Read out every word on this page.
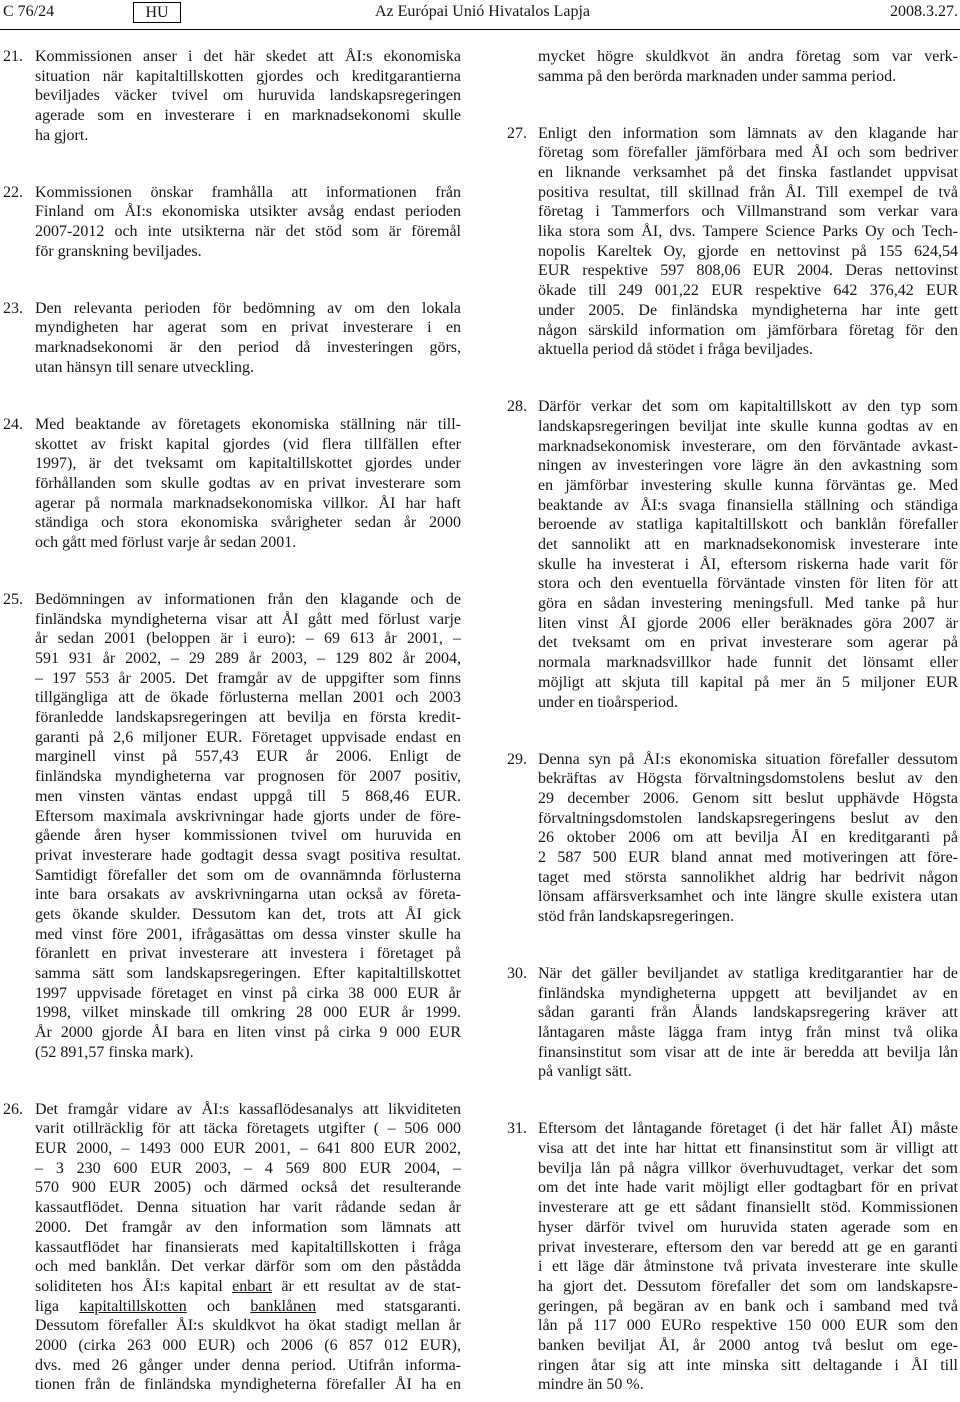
C 76/24	HU	Az Európai Unió Hivatalos Lapja	2008.3.27.
21. Kommissionen anser i det här skedet att ÅI:s ekonomiska
situation när kapitaltillskotten gjordes och kreditgarantierna
beviljades väcker tvivel om huruvida landskapsregeringen
agerade som en investerare i en marknadsekonomi skulle
ha gjort.
22. Kommissionen önskar framhålla att informationen från
Finland om ÅI:s ekonomiska utsikter avsåg endast perioden
2007-2012 och inte utsikterna när det stöd som är föremål
för granskning beviljades.
23. Den relevanta perioden för bedömning av om den lokala
myndigheten har agerat som en privat investerare i en
marknadsekonomi är den period då investeringen görs,
utan hänsyn till senare utveckling.
24. Med beaktande av företagets ekonomiska ställning när till-
skottet av friskt kapital gjordes (vid flera tillfällen efter
1997), är det tveksamt om kapitaltillskottet gjordes under
förhållanden som skulle godtas av en privat investerare som
agerar på normala marknadsekonomiska villkor. ÅI har haft
ständiga och stora ekonomiska svårigheter sedan år 2000
och gått med förlust varje år sedan 2001.
25. Bedömningen av informationen från den klagande och de
finländska myndigheterna visar att ÅI gått med förlust varje
år sedan 2001 (beloppen är i euro): – 69 613 år 2001, –
591 931 år 2002, – 29 289 år 2003, – 129 802 år 2004,
– 197 553 år 2005. Det framgår av de uppgifter som finns
tillgängliga att de ökade förlusterna mellan 2001 och 2003
föranledde landskapsregeringen att bevilja en första kredit-
garanti på 2,6 miljoner EUR. Företaget uppvisade endast en
marginell vinst på 557,43 EUR år 2006. Enligt de
finländska myndigheterna var prognosen för 2007 positiv,
men vinsten väntas endast uppgå till 5 868,46 EUR.
Eftersom maximala avskrivningar hade gjorts under de före-
gående åren hyser kommissionen tvivel om huruvida en
privat investerare hade godtagit dessa svagt positiva resultat.
Samtidigt förefaller det som om de ovannämnda förlusterna
inte bara orsakats av avskrivningarna utan också av företa-
gets ökande skulder. Dessutom kan det, trots att ÅI gick
med vinst före 2001, ifrågasättas om dessa vinster skulle ha
föranlett en privat investerare att investera i företaget på
samma sätt som landskapsregeringen. Efter kapitaltillskottet
1997 uppvisade företaget en vinst på cirka 38 000 EUR år
1998, vilket minskade till omkring 28 000 EUR år 1999.
År 2000 gjorde ÅI bara en liten vinst på cirka 9 000 EUR
(52 891,57 finska mark).
26. Det framgår vidare av ÅI:s kassaflödesanalys att likviditeten
varit otillräcklig för att täcka företagets utgifter ( – 506 000
EUR 2000, – 1493 000 EUR 2001, – 641 800 EUR 2002,
– 3 230 600 EUR 2003, – 4 569 800 EUR 2004, –
570 900 EUR 2005) och därmed också det resulterande
kassautflödet. Denna situation har varit rådande sedan år
2000. Det framgår av den information som lämnats att
kassautflödet har finansierats med kapitaltillskotten i fråga
och med banklån. Det verkar därför som om den påstådda
soliditeten hos ÅI:s kapital enbart är ett resultat av de stat-
liga kapitaltillskotten och banklånen med statsgaranti.
Dessutom förefaller ÅI:s skuldkvot ha ökat stadigt mellan år
2000 (cirka 263 000 EUR) och 2006 (6 857 012 EUR),
dvs. med 26 gånger under denna period. Utifrån informa-
tionen från de finländska myndigheterna förefaller ÅI ha en
mycket högre skuldkvot än andra företag som var verk-
samma på den berörda marknaden under samma period.
27. Enligt den information som lämnats av den klagande har
företag som förefaller jämförbara med ÅI och som bedriver
en liknande verksamhet på det finska fastlandet uppvisat
positiva resultat, till skillnad från ÅI. Till exempel de två
företag i Tammerfors och Villmanstrand som verkar vara
lika stora som ÅI, dvs. Tampere Science Parks Oy och Tech-
nopolis Kareltek Oy, gjorde en nettovinst på 155 624,54
EUR respektive 597 808,06 EUR 2004. Deras nettovinst
ökade till 249 001,22 EUR respektive 642 376,42 EUR
under 2005. De finländska myndigheterna har inte gett
någon särskild information om jämförbara företag för den
aktuella period då stödet i fråga beviljades.
28. Därför verkar det som om kapitaltillskott av den typ som
landskapsregeringen beviljat inte skulle kunna godtas av en
marknadsekonomisk investerare, om den förväntade avkast-
ningen av investeringen vore lägre än den avkastning som
en jämförbar investering skulle kunna förväntas ge. Med
beaktande av ÅI:s svaga finansiella ställning och ständiga
beroende av statliga kapitaltillskott och banklån förefaller
det sannolikt att en marknadsekonomisk investerare inte
skulle ha investerat i ÅI, eftersom riskerna hade varit för
stora och den eventuella förväntade vinsten för liten för att
göra en sådan investering meningsfull. Med tanke på hur
liten vinst ÅI gjorde 2006 eller beräknades göra 2007 är
det tveksamt om en privat investerare som agerar på
normala marknadsvillkor hade funnit det lönsamt eller
möjligt att skjuta till kapital på mer än 5 miljoner EUR
under en tioårsperiod.
29. Denna syn på ÅI:s ekonomiska situation förefaller dessutom
bekräftas av Högsta förvaltningsdomstolens beslut av den
29 december 2006. Genom sitt beslut upphävde Högsta
förvaltningsdomstolen landskapsregeringens beslut av den
26 oktober 2006 om att bevilja ÅI en kreditgaranti på
2 587 500 EUR bland annat med motiveringen att före-
taget med största sannolikhet aldrig har bedrivit någon
lönsam affärsverksamhet och inte längre skulle existera utan
stöd från landskapsregeringen.
30. När det gäller beviljandet av statliga kreditgarantier har de
finländska myndigheterna uppgett att beviljandet av en
sådan garanti från Ålands landskapsregering kräver att
låntagaren måste lägga fram intyg från minst två olika
finansinstitut som visar att de inte är beredda att bevilja lån
på vanligt sätt.
31. Eftersom det låntagande företaget (i det här fallet ÅI) måste
visa att det inte har hittat ett finansinstitut som är villigt att
bevilja lån på några villkor överhuvudtaget, verkar det som
om det inte hade varit möjligt eller godtagbart för en privat
investerare att ge ett sådant finansiellt stöd. Kommissionen
hyser därför tvivel om huruvida staten agerade som en
privat investerare, eftersom den var beredd att ge en garanti
i ett läge där åtminstone två privata investerare inte skulle
ha gjort det. Dessutom förefaller det som om landskapsre-
geringen, på begäran av en bank och i samband med två
lån på 117 000 EURo respektive 150 000 EUR som den
banken beviljat ÅI, år 2000 antog två beslut om ege-
ringen åtar sig att inte minska sitt deltagande i ÅI till
mindre än 50 %.
